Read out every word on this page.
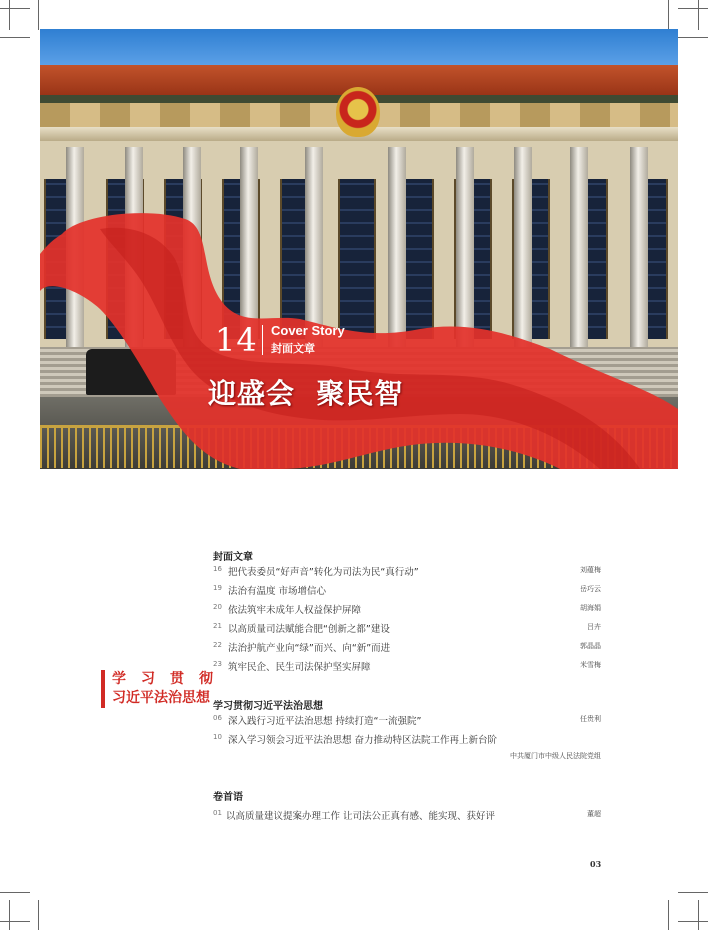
14 Cover Story
封面文章
迎盛会  聚民智
学习贯彻
习近平法治思想
封面文章
16 把代表委员“好声音”转化为司法为民“真行动”	刘蕴梅
19 法治有温度 市场增信心	岳巧云
20 依法筑牢未成年人权益保护屏障	胡海娟
21 以高质量司法赋能合肥“创新之都”建设	吕卉
22 法治护航产业向“绿”而兴、向“新”而进	郭晶晶
23 筑牢民企、民生司法保护坚实屏障	米雪梅
学习贯彻习近平法治思想
06 深入践行习近平法治思想 持续打造“一流强院”	任贵利
10 深入学习领会习近平法治思想 奋力推动特区法院工作再上新台阶
中共厦门市中级人民法院党组
卷首语
01 以高质量建议提案办理工作 让司法公正真有感、能实现、获好评	董超
03
